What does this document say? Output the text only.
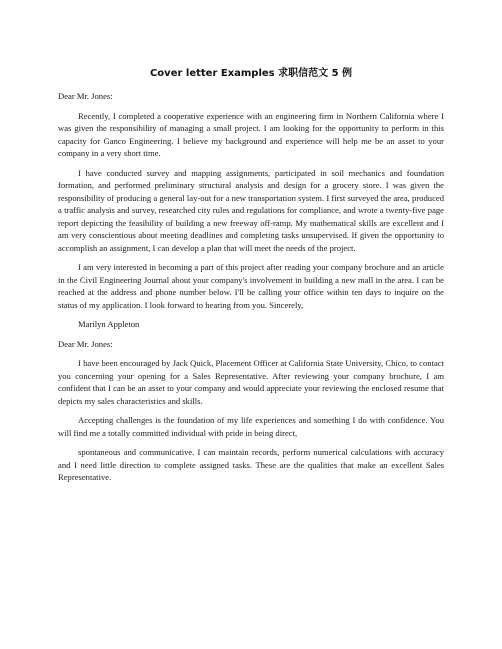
Cover letter Examples 求职信范文 5 例

Dear Mr. Jones:

Recently, I completed a cooperative experience with an engineering firm in Northern California where I was given the responsibility of managing a small project. I am looking for the opportunity to perform in this capacity for Ganco Engineering. I believe my background and experience will help me be an asset to your company in a very short time.

I have conducted survey and mapping assignments, participated in soil mechanics and foundation formation, and performed preliminary structural analysis and design for a grocery store. I was given the responsibility of producing a general lay-out for a new transportation system. I first surveyed the area, produced a traffic analysis and survey, researched city rules and regulations for compliance, and wrote a twenty-five page report depicting the feasibility of building a new freeway off-ramp. My mathematical skills are excellent and I am very conscientious about meeting deadlines and completing tasks unsupervised. If given the opportunity to accomplish an assignment, I can develop a plan that will meet the needs of the project.

I am very interested in becoming a part of this project after reading your company brochure and an article in the Civil Engineering Journal about your company's involvement in building a new mall in the area. I can be reached at the address and phone number below. I'll be calling your office within ten days to inquire on the status of my application. I look forward to hearing from you. Sincerely,

Marilyn Appleton

Dear Mr. Jones:

I have been encouraged by Jack Quick, Placement Officer at California State University, Chico, to contact you concerning your opening for a Sales Representative. After reviewing your company brochure, I am confident that I can be an asset to your company and would appreciate your reviewing the enclosed resume that depicts my sales characteristics and skills.

Accepting challenges is the foundation of my life experiences and something I do with confidence. You will find me a totally committed individual with pride in being direct,

spontaneous and communicative. I can maintain records, perform numerical calculations with accuracy and I need little direction to complete assigned tasks. These are the qualities that make an excellent Sales Representative.
